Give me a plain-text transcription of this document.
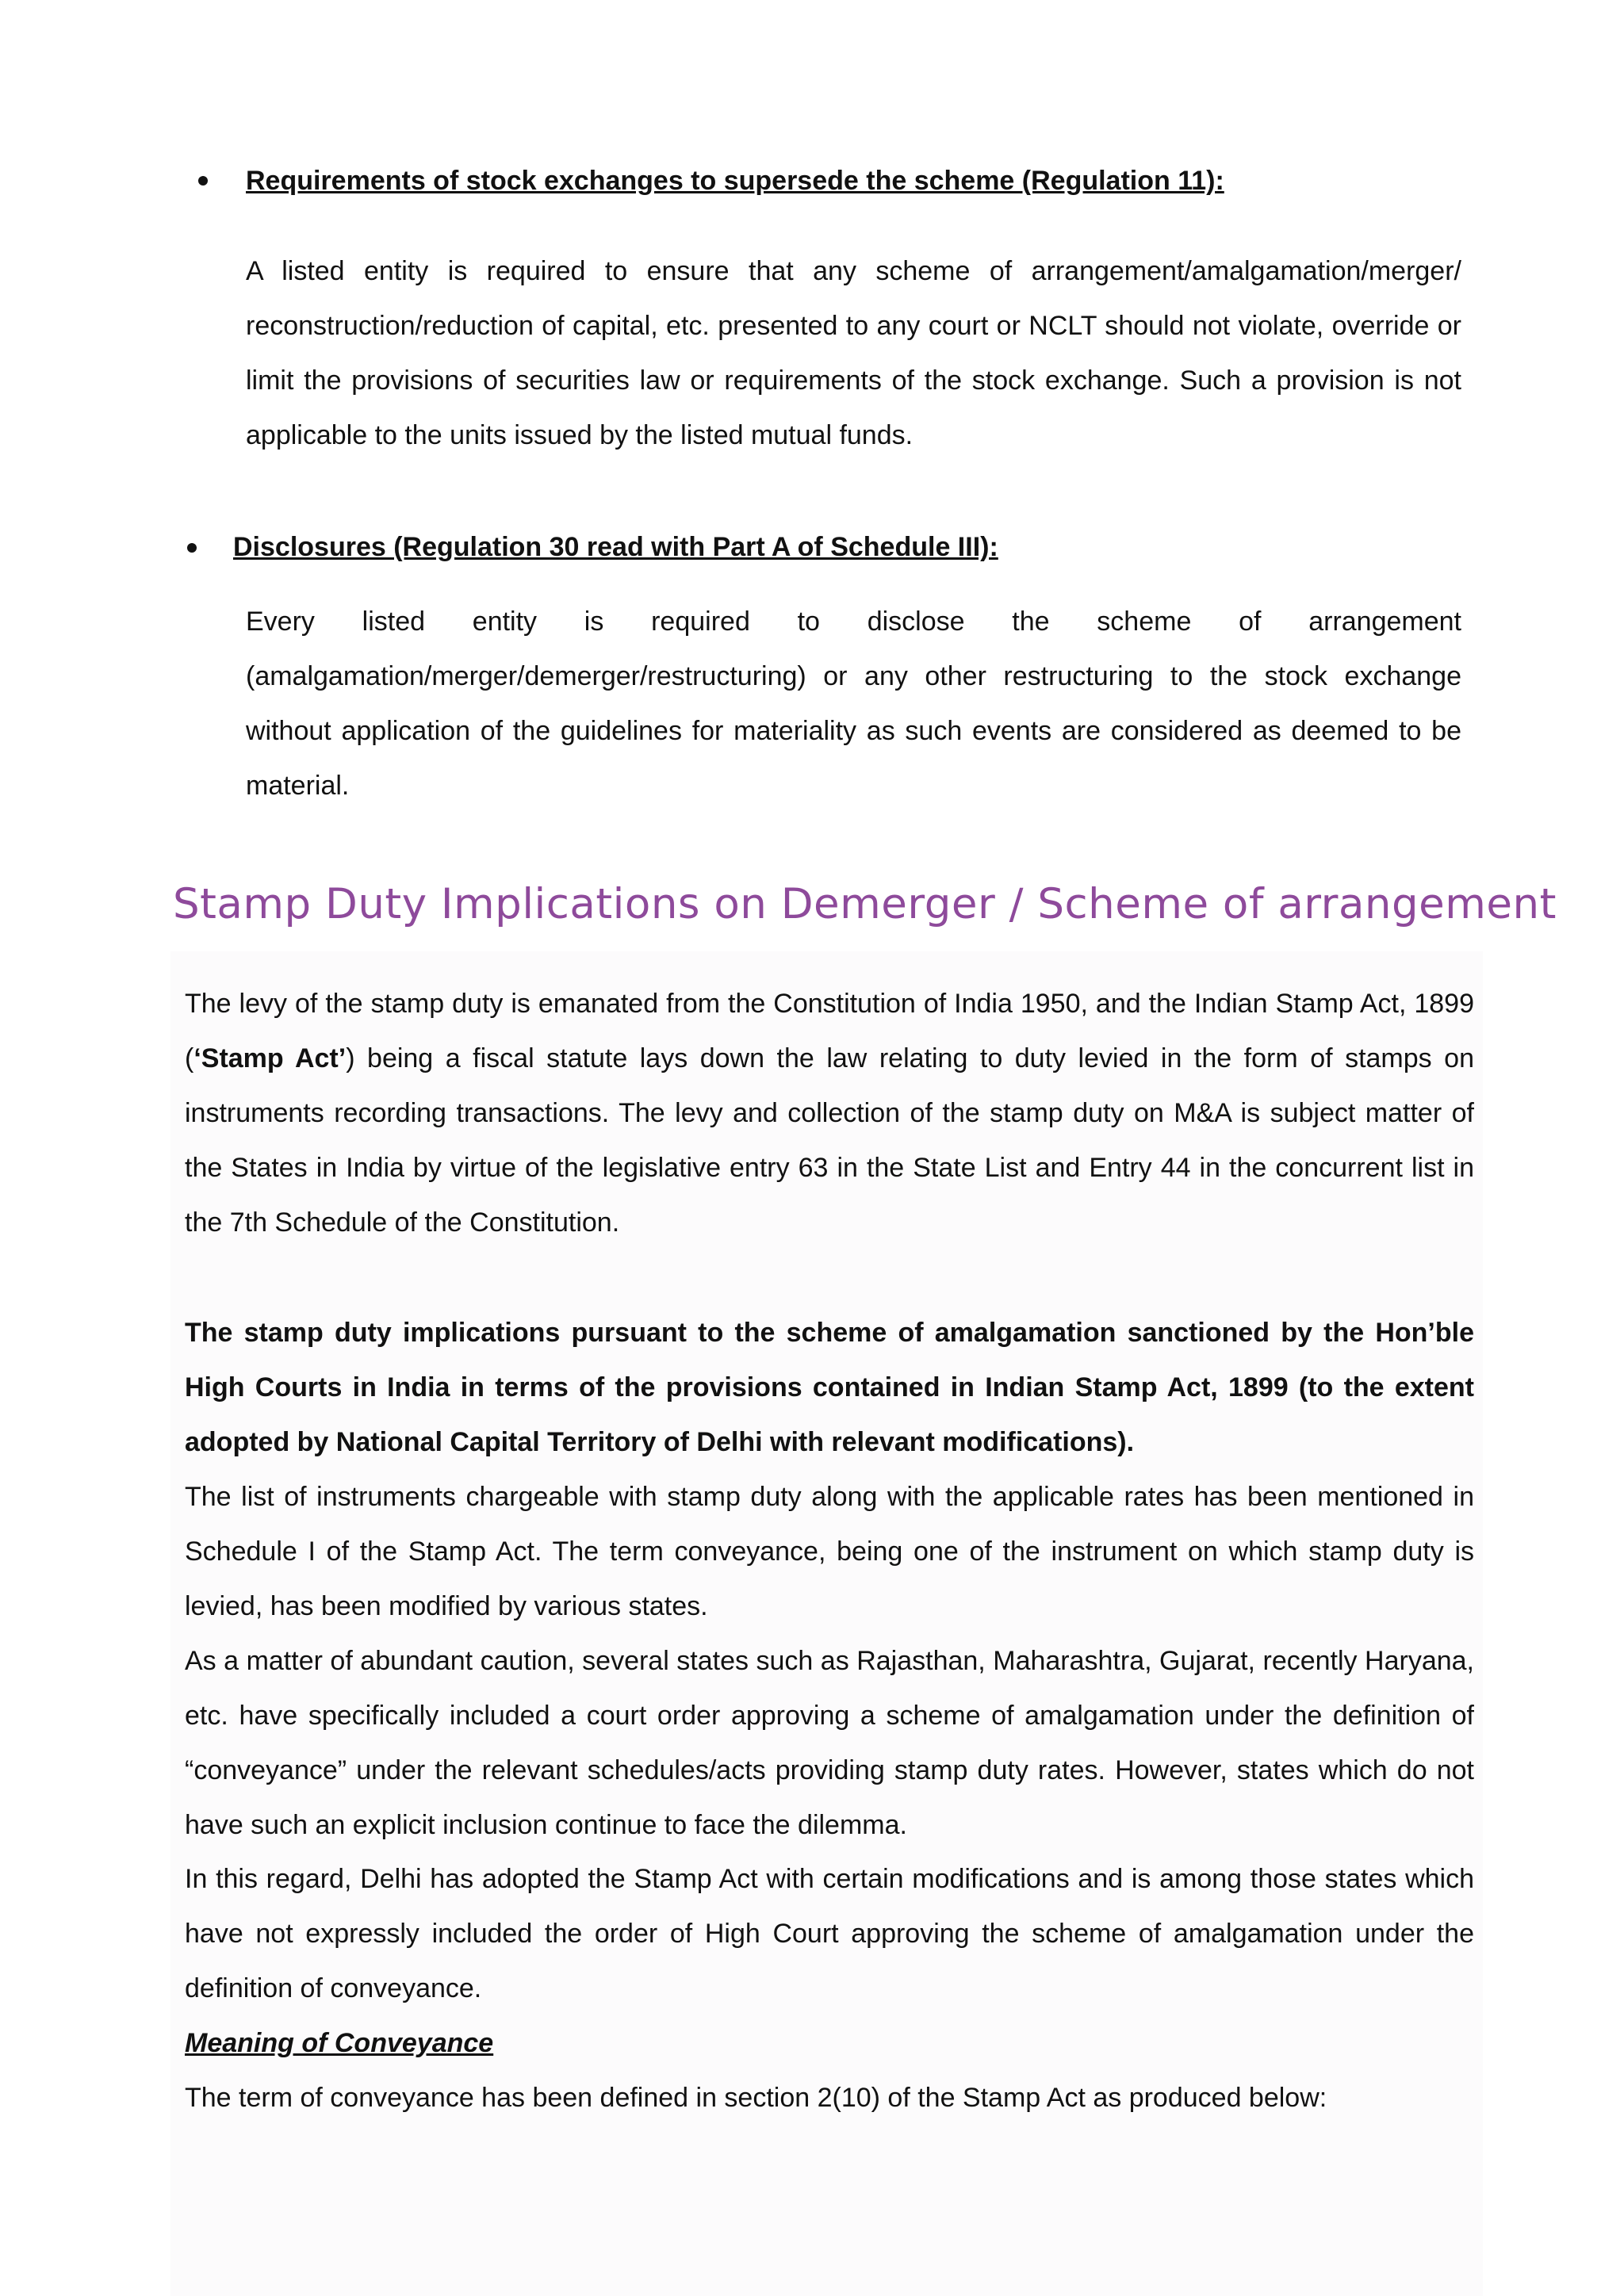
Requirements of stock exchanges to supersede the scheme (Regulation 11):
A listed entity is required to ensure that any scheme of arrangement/amalgamation/merger/ reconstruction/reduction of capital, etc. presented to any court or NCLT should not violate, override or limit the provisions of securities law or requirements of the stock exchange. Such a provision is not applicable to the units issued by the listed mutual funds.
Disclosures (Regulation 30 read with Part A of Schedule III):
Every listed entity is required to disclose the scheme of arrangement
(amalgamation/merger/demerger/restructuring) or any other restructuring to the stock exchange without application of the guidelines for materiality as such events are considered as deemed to be material.
Stamp Duty Implications on Demerger / Scheme of arrangement
The levy of the stamp duty is emanated from the Constitution of India 1950, and the Indian Stamp Act, 1899 (‘Stamp Act’) being a fiscal statute lays down the law relating to duty levied in the form of stamps on instruments recording transactions. The levy and collection of the stamp duty on M&A is subject matter of the States in India by virtue of the legislative entry 63 in the State List and Entry 44 in the concurrent list in the 7th Schedule of the Constitution.
The stamp duty implications pursuant to the scheme of amalgamation sanctioned by the Hon’ble High Courts in India in terms of the provisions contained in Indian Stamp Act, 1899 (to the extent adopted by National Capital Territory of Delhi with relevant modifications).
The list of instruments chargeable with stamp duty along with the applicable rates has been mentioned in Schedule I of the Stamp Act. The term conveyance, being one of the instrument on which stamp duty is levied, has been modified by various states.
As a matter of abundant caution, several states such as Rajasthan, Maharashtra, Gujarat, recently Haryana, etc. have specifically included a court order approving a scheme of amalgamation under the definition of “conveyance” under the relevant schedules/acts providing stamp duty rates. However, states which do not have such an explicit inclusion continue to face the dilemma.
In this regard, Delhi has adopted the Stamp Act with certain modifications and is among those states which have not expressly included the order of High Court approving the scheme of amalgamation under the definition of conveyance.
Meaning of Conveyance
The term of conveyance has been defined in section 2(10) of the Stamp Act as produced below:
